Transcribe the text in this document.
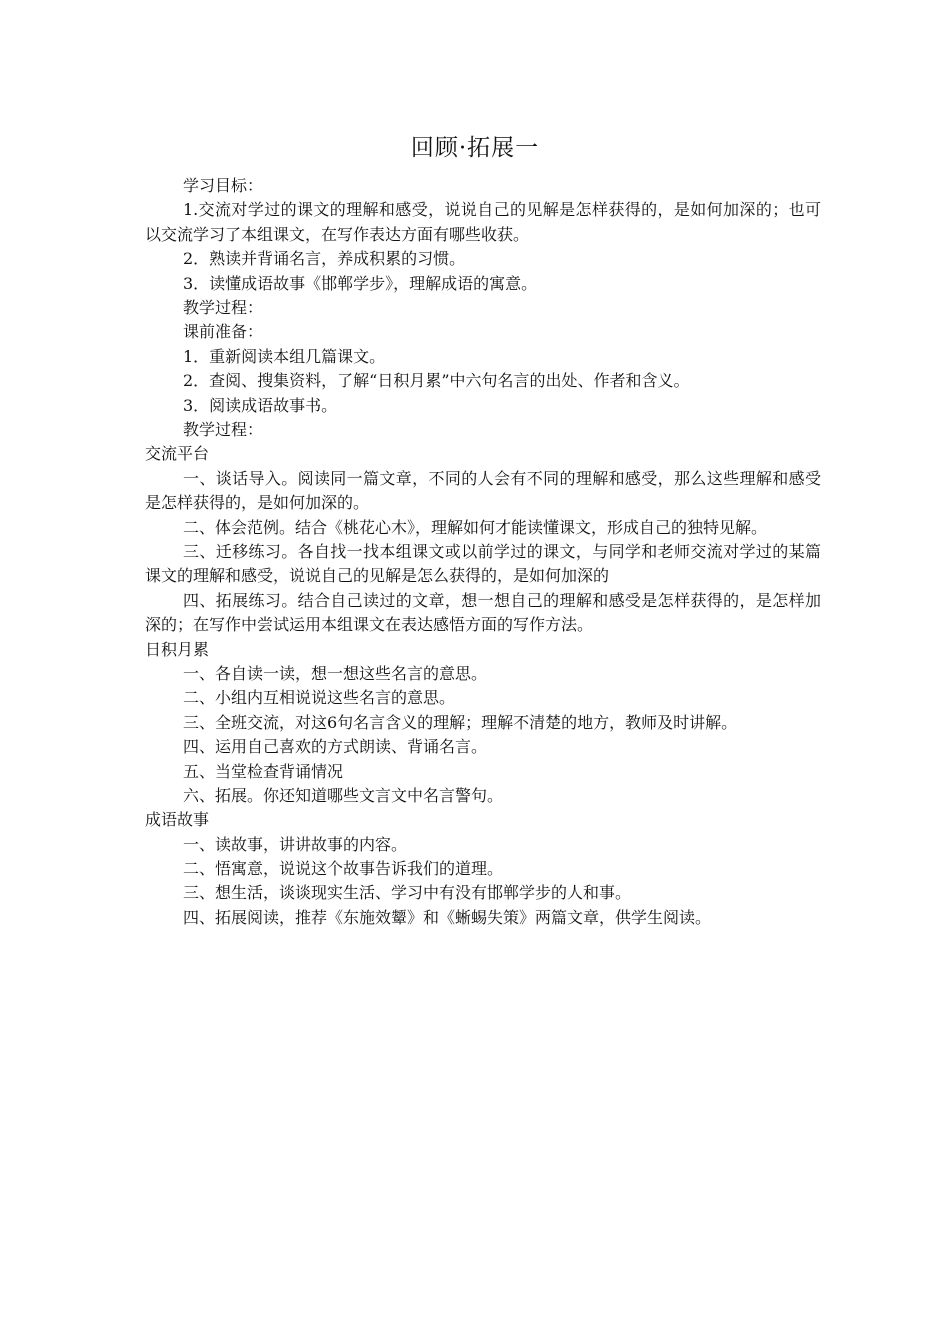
回顾·拓展一
学习目标：
1.交流对学过的课文的理解和感受，说说自己的见解是怎样获得的，是如何加深的；也可以交流学习了本组课文，在写作表达方面有哪些收获。
2．熟读并背诵名言，养成积累的习惯。
3．读懂成语故事《邯郸学步》，理解成语的寓意。
教学过程：
课前准备：
1．重新阅读本组几篇课文。
2．查阅、搜集资料，了解“日积月累”中六句名言的出处、作者和含义。
3．阅读成语故事书。
教学过程：
交流平台
一、谈话导入。阅读同一篇文章，不同的人会有不同的理解和感受，那么这些理解和感受是怎样获得的，是如何加深的。
二、体会范例。结合《桃花心木》，理解如何才能读懂课文，形成自己的独特见解。
三、迁移练习。各自找一找本组课文或以前学过的课文，与同学和老师交流对学过的某篇课文的理解和感受，说说自己的见解是怎么获得的，是如何加深的
四、拓展练习。结合自己读过的文章，想一想自己的理解和感受是怎样获得的，是怎样加深的；在写作中尝试运用本组课文在表达感悟方面的写作方法。
日积月累
一、各自读一读，想一想这些名言的意思。
二、小组内互相说说这些名言的意思。
三、全班交流，对这6句名言含义的理解；理解不清楚的地方，教师及时讲解。
四、运用自己喜欢的方式朗读、背诵名言。
五、当堂检查背诵情况
六、拓展。你还知道哪些文言文中名言警句。
成语故事
一、读故事，讲讲故事的内容。
二、悟寓意，说说这个故事告诉我们的道理。
三、想生活，谈谈现实生活、学习中有没有邯郸学步的人和事。
四、拓展阅读，推荐《东施效颦》和《蜥蜴失策》两篇文章，供学生阅读。
